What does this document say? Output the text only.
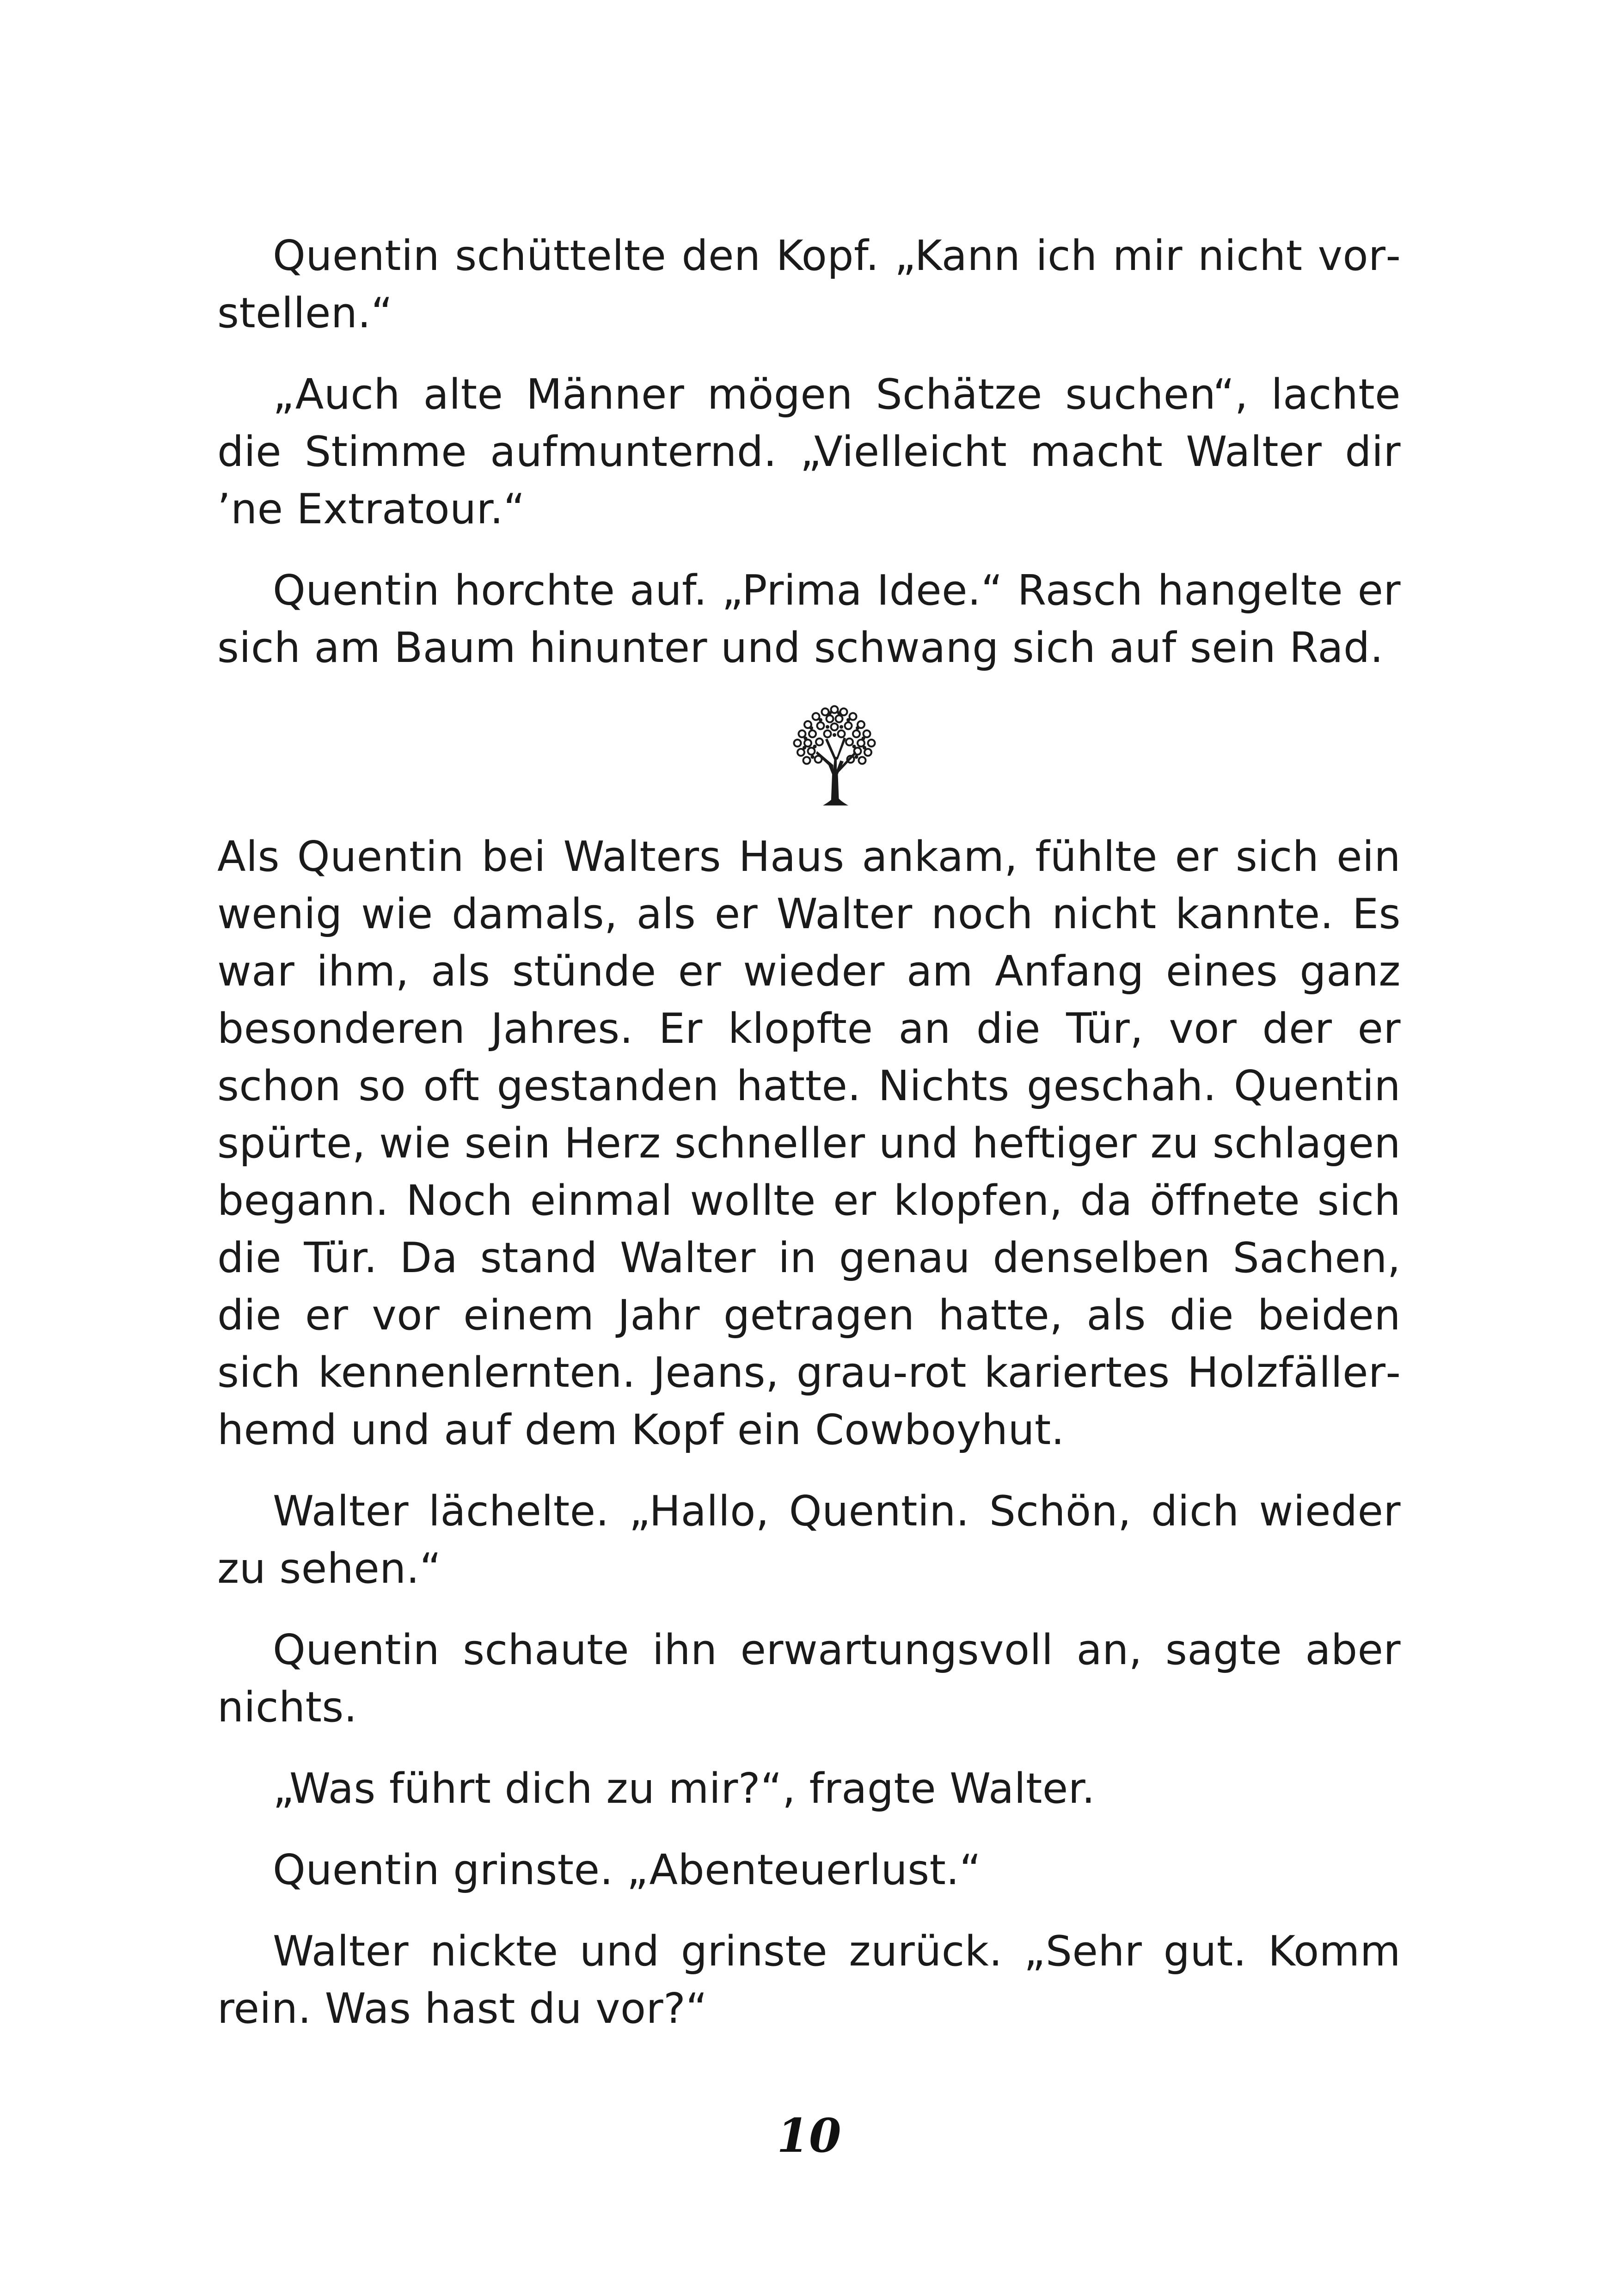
Quentin schüttelte den Kopf. „Kann ich mir nicht vorstellen.“

„Auch alte Männer mögen Schätze suchen“, lachte die Stimme aufmunternd. „Vielleicht macht Walter dir ’ne Extratour.“

Quentin horchte auf. „Prima Idee.“ Rasch hangelte er sich am Baum hinunter und schwang sich auf sein Rad.

Als Quentin bei Walters Haus ankam, fühlte er sich ein wenig wie damals, als er Walter noch nicht kannte. Es war ihm, als stünde er wieder am Anfang eines ganz besonderen Jahres. Er klopfte an die Tür, vor der er schon so oft gestanden hatte. Nichts geschah. Quentin spürte, wie sein Herz schneller und heftiger zu schlagen begann. Noch einmal wollte er klopfen, da öffnete sich die Tür. Da stand Walter in genau denselben Sachen, die er vor einem Jahr getragen hatte, als die beiden sich kennenlernten. Jeans, grau-rot kariertes Holzfällerhemd und auf dem Kopf ein Cowboyhut.

Walter lächelte. „Hallo, Quentin. Schön, dich wieder zu sehen.“

Quentin schaute ihn erwartungsvoll an, sagte aber nichts.

„Was führt dich zu mir?“, fragte Walter.

Quentin grinste. „Abenteuerlust.“

Walter nickte und grinste zurück. „Sehr gut. Komm rein. Was hast du vor?“

10
